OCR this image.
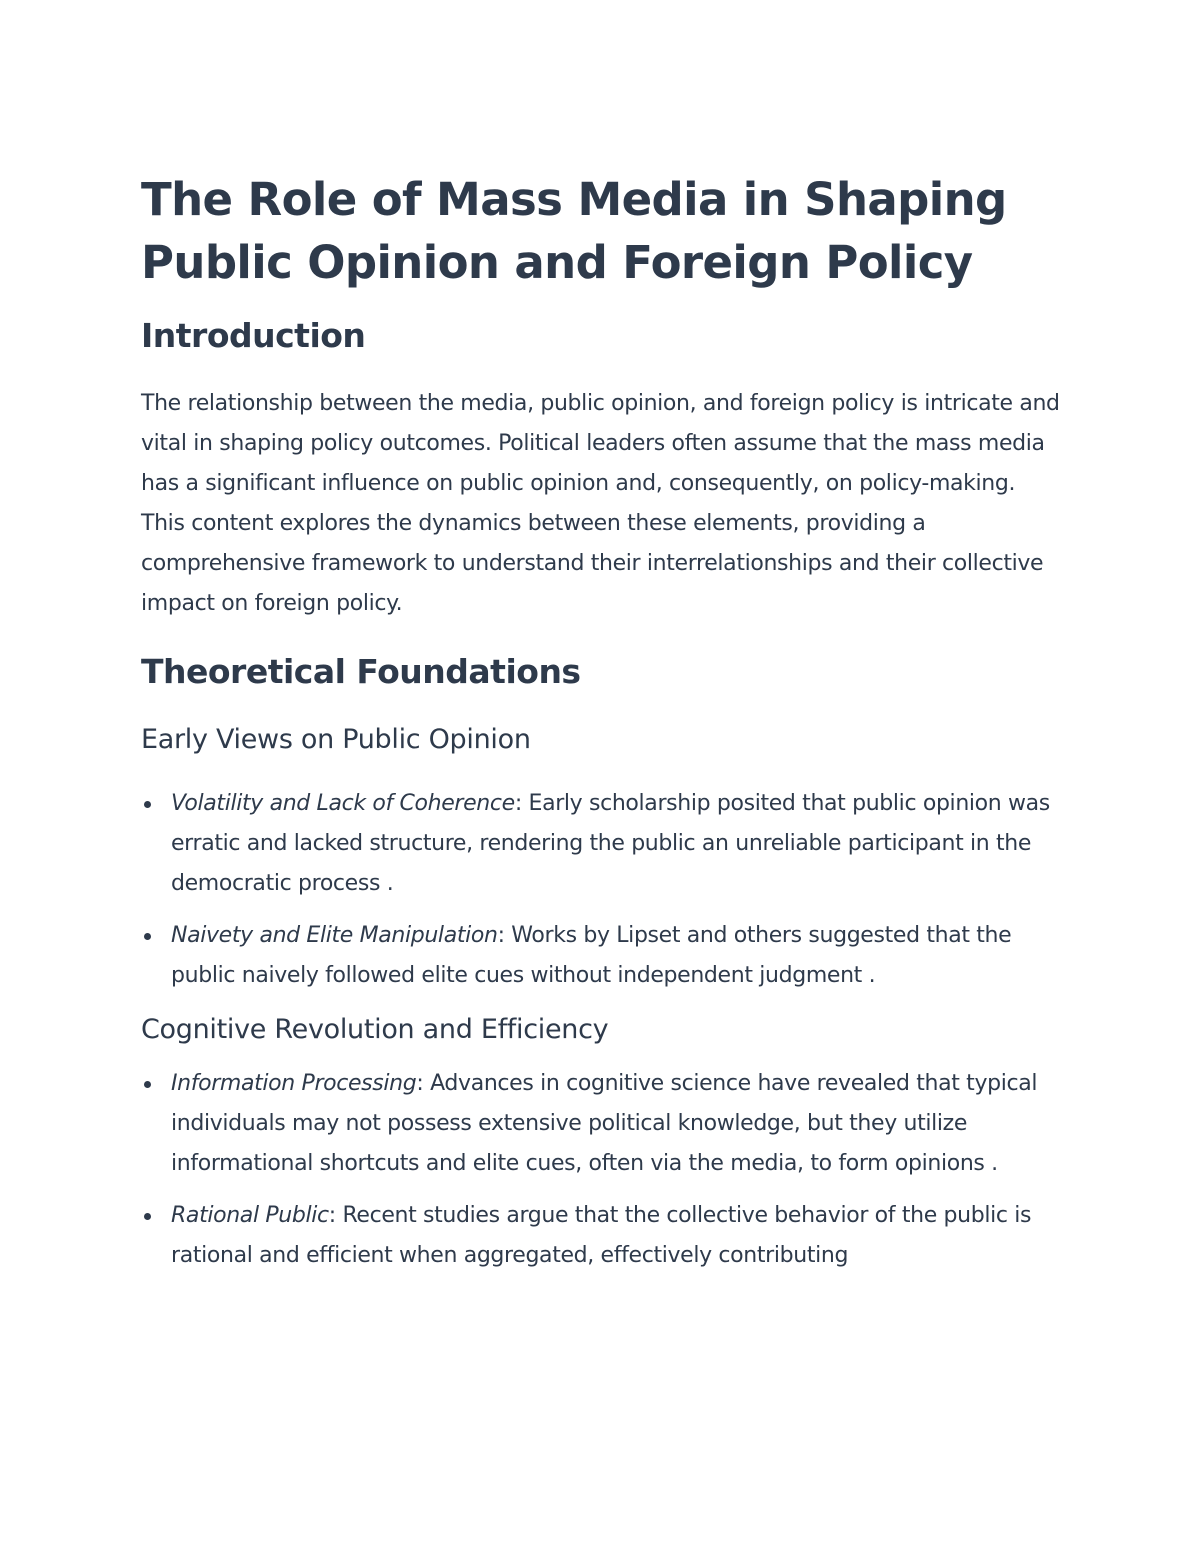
The Role of Mass Media in Shaping Public Opinion and Foreign Policy
Introduction

The relationship between the media, public opinion, and foreign policy is intricate and vital in shaping policy outcomes. Political leaders often assume that the mass media has a significant influence on public opinion and, consequently, on policy-making. This content explores the dynamics between these elements, providing a comprehensive framework to understand their interrelationships and their collective impact on foreign policy.

Theoretical Foundations
Early Views on Public Opinion
Volatility and Lack of Coherence: Early scholarship posited that public opinion was erratic and lacked structure, rendering the public an unreliable participant in the democratic process .
Naivety and Elite Manipulation: Works by Lipset and others suggested that the public naively followed elite cues without independent judgment .
Cognitive Revolution and Efficiency
Information Processing: Advances in cognitive science have revealed that typical individuals may not possess extensive political knowledge, but they utilize informational shortcuts and elite cues, often via the media, to form opinions .
Rational Public: Recent studies argue that the collective behavior of the public is rational and efficient when aggregated, effectively contributing
